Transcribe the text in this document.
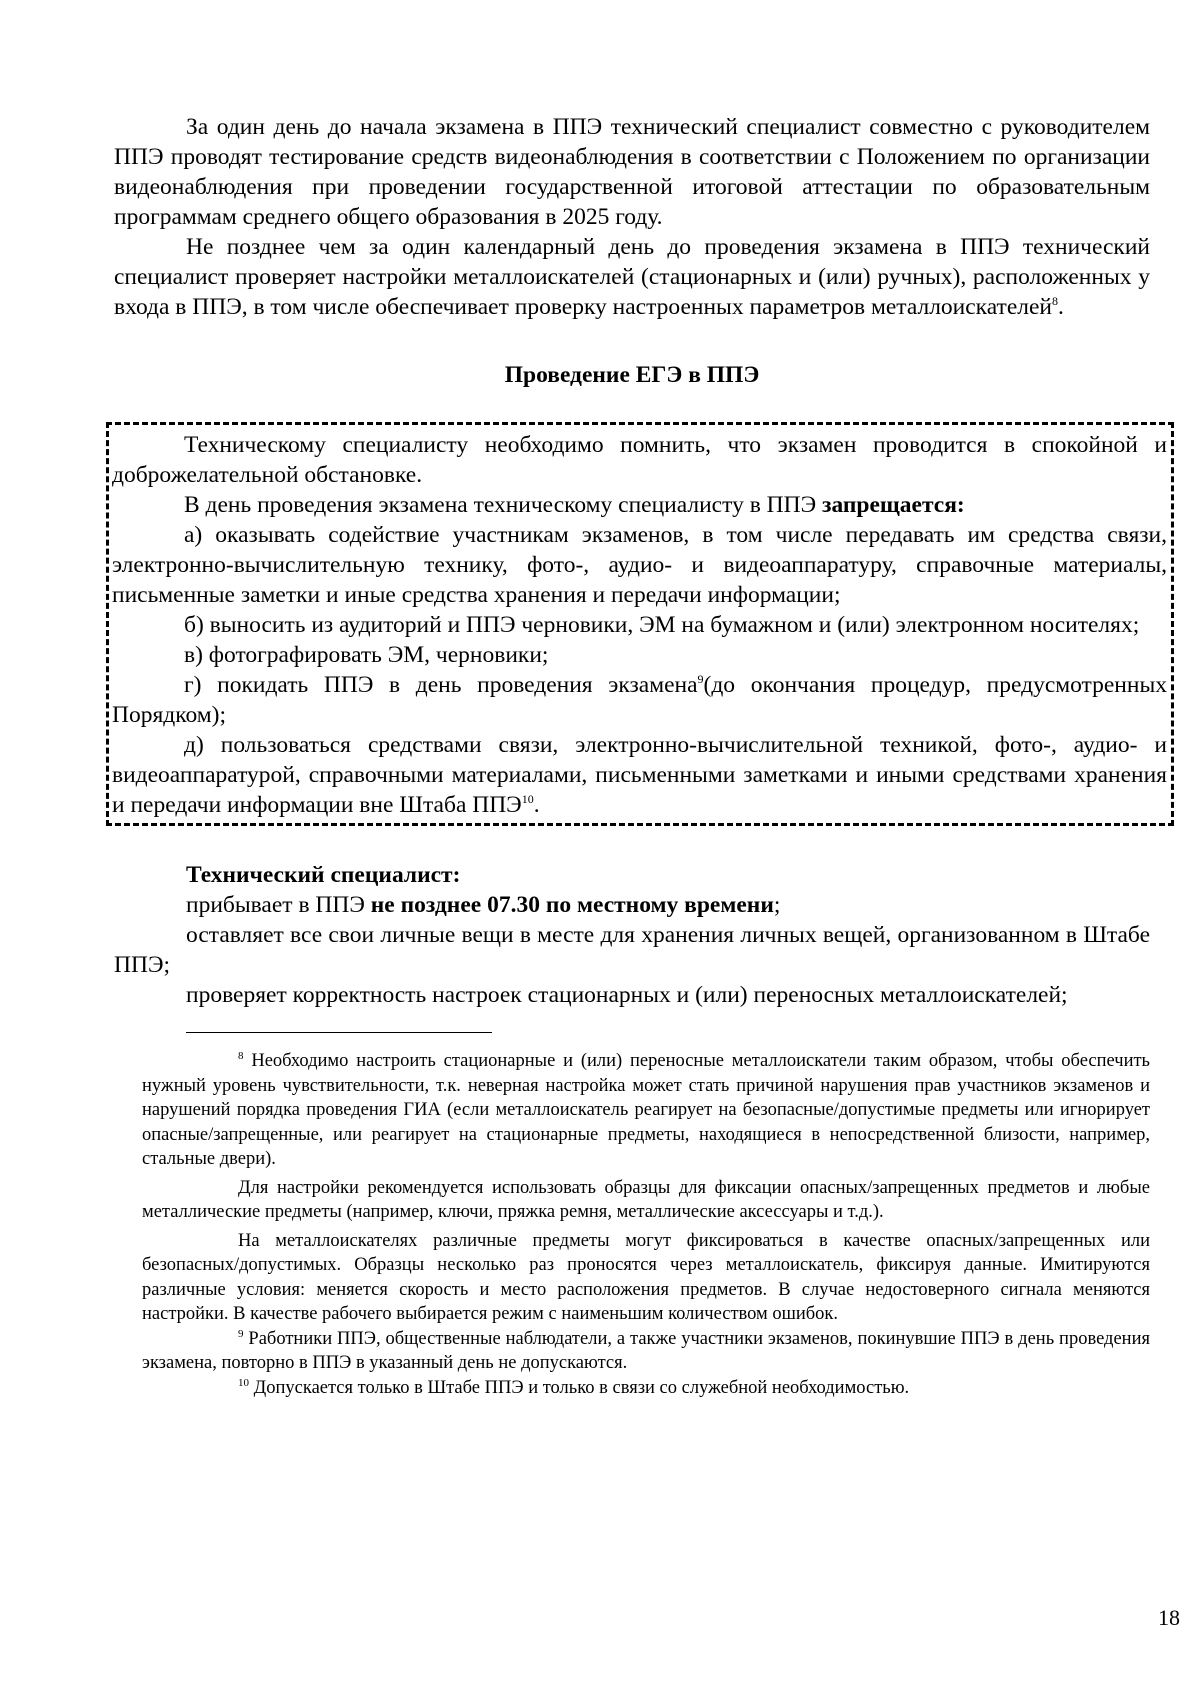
За один день до начала экзамена в ППЭ технический специалист совместно с руководителем ППЭ проводят тестирование средств видеонаблюдения в соответствии с Положением по организации видеонаблюдения при проведении государственной итоговой аттестации по образовательным программам среднего общего образования в 2025 году.

Не позднее чем за один календарный день до проведения экзамена в ППЭ технический специалист проверяет настройки металлоискателей (стационарных и (или) ручных), расположенных у входа в ППЭ, в том числе обеспечивает проверку настроенных параметров металлоискателей$^8$.

Проведение ЕГЭ в ППЭ

Техническому специалисту необходимо помнить, что экзамен проводится в спокойной и доброжелательной обстановке.

В день проведения экзамена техническому специалисту в ППЭ запрещается:

а) оказывать содействие участникам экзаменов, в том числе передавать им средства связи, электронно-вычислительную технику, фото-, аудио- и видеоаппаратуру, справочные материалы, письменные заметки и иные средства хранения и передачи информации;

б) выносить из аудиторий и ППЭ черновики, ЭМ на бумажном и (или) электронном носителях;

в) фотографировать ЭМ, черновики;

г) покидать ППЭ в день проведения экзамена$^9$(до окончания процедур, предусмотренных Порядком);

д) пользоваться средствами связи, электронно-вычислительной техникой, фото-, аудио- и видеоаппаратурой, справочными материалами, письменными заметками и иными средствами хранения и передачи информации вне Штаба ППЭ$^{10}$.

Технический специалист:

прибывает в ППЭ не позднее 07.30 по местному времени;

оставляет все свои личные вещи в месте для хранения личных вещей, организованном в Штабе ППЭ;

проверяет корректность настроек стационарных и (или) переносных металлоискателей;

$^8$ Необходимо настроить стационарные и (или) переносные металлоискатели таким образом, чтобы обеспечить нужный уровень чувствительности, т.к. неверная настройка может стать причиной нарушения прав участников экзаменов и нарушений порядка проведения ГИА (если металлоискатель реагирует на безопасные/допустимые предметы или игнорирует опасные/запрещенные, или реагирует на стационарные предметы, находящиеся в непосредственной близости, например, стальные двери).

Для настройки рекомендуется использовать образцы для фиксации опасных/запрещенных предметов и любые металлические предметы (например, ключи, пряжка ремня, металлические аксессуары и т.д.).

На металлоискателях различные предметы могут фиксироваться в качестве опасных/запрещенных или безопасных/допустимых. Образцы несколько раз проносятся через металлоискатель, фиксируя данные. Имитируются различные условия: меняется скорость и место расположения предметов. В случае недостоверного сигнала меняются настройки. В качестве рабочего выбирается режим с наименьшим количеством ошибок.

$^9$ Работники ППЭ, общественные наблюдатели, а также участники экзаменов, покинувшие ППЭ в день проведения экзамена, повторно в ППЭ в указанный день не допускаются.

$^{10}$ Допускается только в Штабе ППЭ и только в связи со служебной необходимостью.

18
